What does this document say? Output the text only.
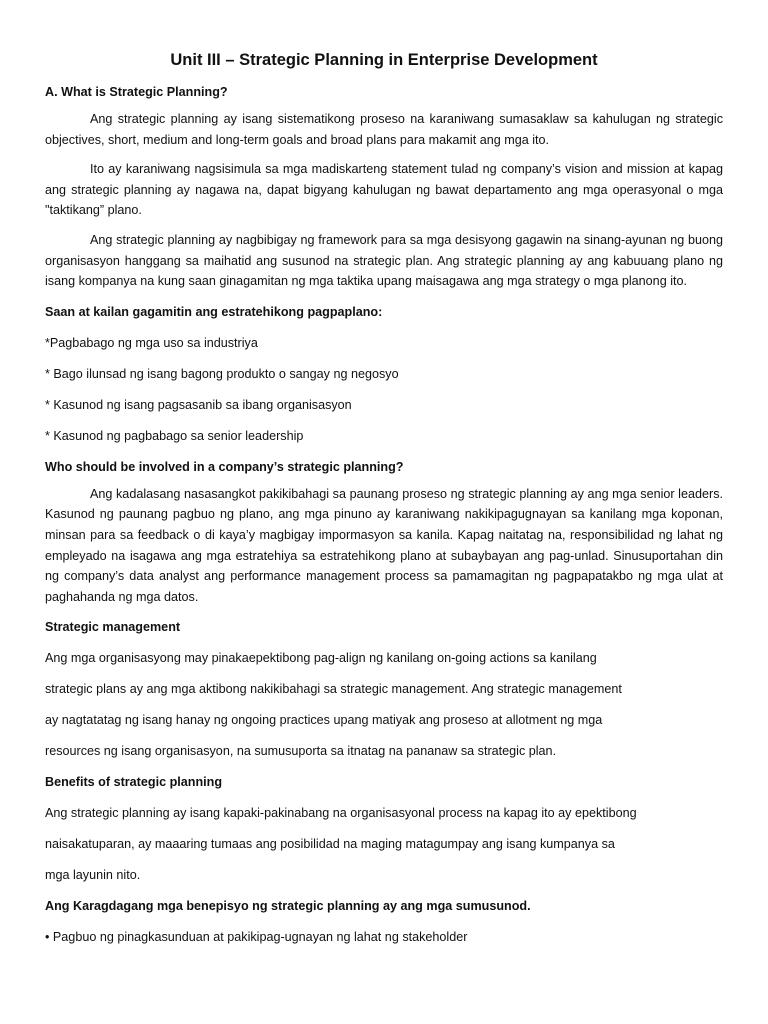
Unit III – Strategic Planning in Enterprise Development

A. What is Strategic Planning?

Ang strategic planning ay isang sistematikong proseso na karaniwang sumasaklaw sa kahulugan ng strategic objectives, short, medium and long-term goals and broad plans para makamit ang mga ito.

Ito ay karaniwang nagsisimula sa mga madiskarteng statement tulad ng company’s vision and mission at kapag ang strategic planning ay nagawa na, dapat bigyang kahulugan ng bawat departamento ang mga operasyonal o mga "taktikang” plano.

Ang strategic planning ay nagbibigay ng framework para sa mga desisyong gagawin na sinang-ayunan ng buong organisasyon hanggang sa maihatid ang susunod na strategic plan. Ang strategic planning ay ang kabuuang plano ng isang kompanya na kung saan ginagamitan ng mga taktika upang maisagawa ang mga strategy o mga planong ito.

Saan at kailan gagamitin ang estratehikong pagpaplano:

*Pagbabago ng mga uso sa industriya

* Bago ilunsad ng isang bagong produkto o sangay ng negosyo

* Kasunod ng isang pagsasanib sa ibang organisasyon

* Kasunod ng pagbabago sa senior leadership

Who should be involved in a company’s strategic planning?

Ang kadalasang nasasangkot pakikibahagi sa paunang proseso ng strategic planning ay ang mga senior leaders. Kasunod ng paunang pagbuo ng plano, ang mga pinuno ay karaniwang nakikipagugnayan sa kanilang mga koponan, minsan para sa feedback o di kaya’y magbigay impormasyon sa kanila. Kapag naitatag na, responsibilidad ng lahat ng empleyado na isagawa ang mga estratehiya sa estratehikong plano at subaybayan ang pag-unlad. Sinusuportahan din ng company’s data analyst ang performance management process sa pamamagitan ng pagpapatakbo ng mga ulat at paghahanda ng mga datos.

Strategic management

Ang mga organisasyong may pinakaepektibong pag-align ng kanilang on-going actions sa kanilang

strategic plans ay ang mga aktibong nakikibahagi sa strategic management. Ang strategic management

ay nagtatatag ng isang hanay ng ongoing practices upang matiyak ang proseso at allotment ng mga

resources ng isang organisasyon, na sumusuporta sa itnatag na pananaw sa strategic plan.

Benefits of strategic planning

Ang strategic planning ay isang kapaki-pakinabang na organisasyonal process na kapag ito ay epektibong

naisakatuparan, ay maaaring tumaas ang posibilidad na maging matagumpay ang isang kumpanya sa

mga layunin nito.

Ang Karagdagang mga benepisyo ng strategic planning ay ang mga sumusunod.

• Pagbuo ng pinagkasunduan at pakikipag-ugnayan ng lahat ng stakeholder
